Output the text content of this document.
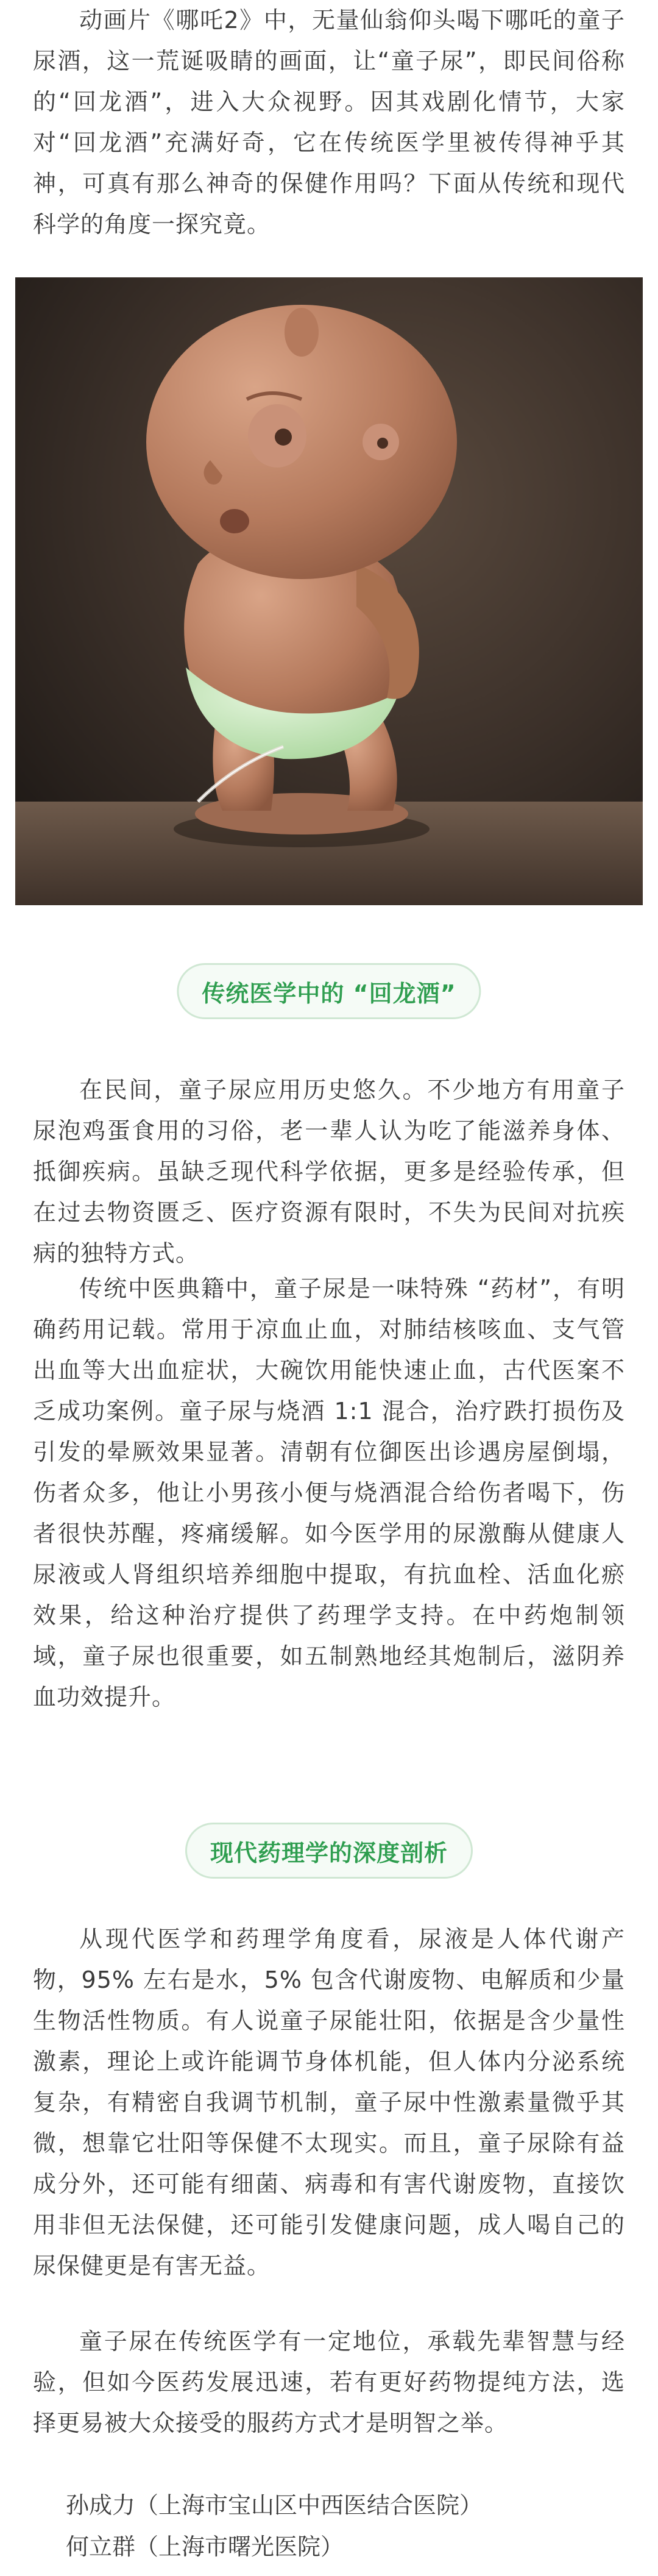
动画片《哪吒2》中，无量仙翁仰头喝下哪吒的童子尿酒，这一荒诞吸睛的画面，让“童子尿”，即民间俗称的“回龙酒”，进入大众视野。因其戏剧化情节，大家对“回龙酒”充满好奇，它在传统医学里被传得神乎其神，可真有那么神奇的保健作用吗？下面从传统和现代科学的角度一探究竟。

传统医学中的 “回龙酒”

在民间，童子尿应用历史悠久。不少地方有用童子尿泡鸡蛋食用的习俗，老一辈人认为吃了能滋养身体、抵御疾病。虽缺乏现代科学依据，更多是经验传承，但在过去物资匮乏、医疗资源有限时，不失为民间对抗疾病的独特方式。

传统中医典籍中，童子尿是一味特殊 “药材”，有明确药用记载。常用于凉血止血，对肺结核咳血、支气管出血等大出血症状，大碗饮用能快速止血，古代医案不乏成功案例。童子尿与烧酒 1:1 混合，治疗跌打损伤及引发的晕厥效果显著。清朝有位御医出诊遇房屋倒塌，伤者众多，他让小男孩小便与烧酒混合给伤者喝下，伤者很快苏醒，疼痛缓解。如今医学用的尿激酶从健康人尿液或人肾组织培养细胞中提取，有抗血栓、活血化瘀效果，给这种治疗提供了药理学支持。在中药炮制领域，童子尿也很重要，如五制熟地经其炮制后，滋阴养血功效提升。

现代药理学的深度剖析

从现代医学和药理学角度看，尿液是人体代谢产物，95% 左右是水，5% 包含代谢废物、电解质和少量生物活性物质。有人说童子尿能壮阳，依据是含少量性激素，理论上或许能调节身体机能，但人体内分泌系统复杂，有精密自我调节机制，童子尿中性激素量微乎其微，想靠它壮阳等保健不太现实。而且，童子尿除有益成分外，还可能有细菌、病毒和有害代谢废物，直接饮用非但无法保健，还可能引发健康问题，成人喝自己的尿保健更是有害无益。

童子尿在传统医学有一定地位，承载先辈智慧与经验，但如今医药发展迅速，若有更好药物提纯方法，选择更易被大众接受的服药方式才是明智之举。

孙成力（上海市宝山区中西医结合医院）

何立群（上海市曙光医院）
